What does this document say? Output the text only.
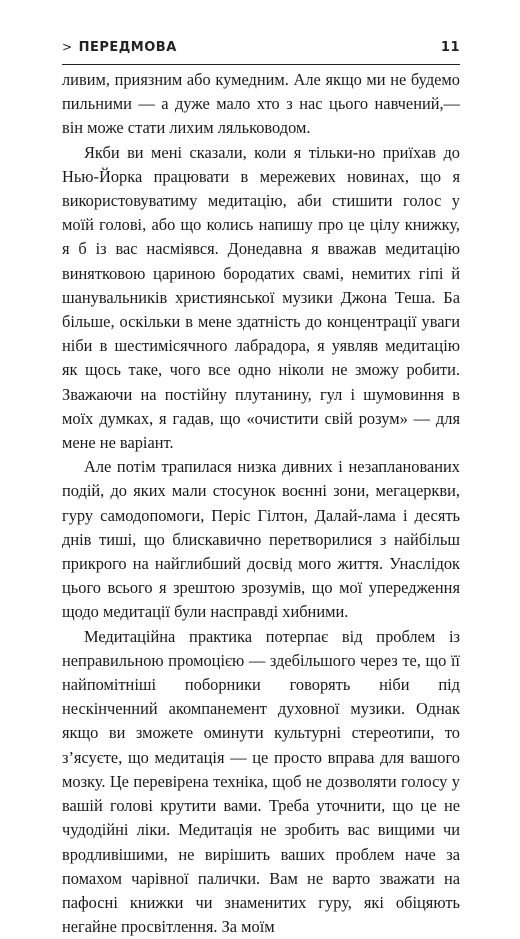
> ПЕРЕДМОВА	11

ливим, приязним або кумедним. Але якщо ми не будемо пильними — а дуже мало хто з нас цього навчений,— він може стати лихим ляльководом.

Якби ви мені сказали, коли я тільки-но приїхав до Нью-Йорка працювати в мережевих новинах, що я використовуватиму медитацію, аби стишити голос у моїй голові, або що колись напишу про це цілу книжку, я б із вас насміявся. Донедавна я вважав медитацію винятковою цариною бородатих свамі, немитих гіпі й шанувальників християнської музики Джона Теша. Ба більше, оскільки в мене здатність до концентрації уваги ніби в шестимісячного лабрадора, я уявляв медитацію як щось таке, чого все одно ніколи не зможу робити. Зважаючи на постійну плутанину, гул і шумовиння в моїх думках, я гадав, що «очистити свій розум» — для мене не варіант.

Але потім трапилася низка дивних і незапланованих подій, до яких мали стосунок воєнні зони, мегацеркви, гуру самодопомоги, Періс Гілтон, Далай-лама і десять днів тиші, що блискавично перетворилися з найбільш прикрого на найглибший досвід мого життя. Унаслідок цього всього я зрештою зрозумів, що мої упередження щодо медитації були насправді хибними.

Медитаційна практика потерпає від проблем із неправильною промоцією — здебільшого через те, що її найпомітніші поборники говорять ніби під нескінченний акомпанемент духовної музики. Однак якщо ви зможете оминути культурні стереотипи, то з’ясуєте, що медитація — це просто вправа для вашого мозку. Це перевірена техніка, щоб не дозволяти голосу у вашій голові крутити вами. Треба уточнити, що це не чудодійні ліки. Медитація не зробить вас вищими чи вродливішими, не вирішить ваших проблем наче за помахом чарівної палички. Вам не варто зважати на пафосні книжки чи знаменитих гуру, які обіцяють негайне просвітлення. За моїм
